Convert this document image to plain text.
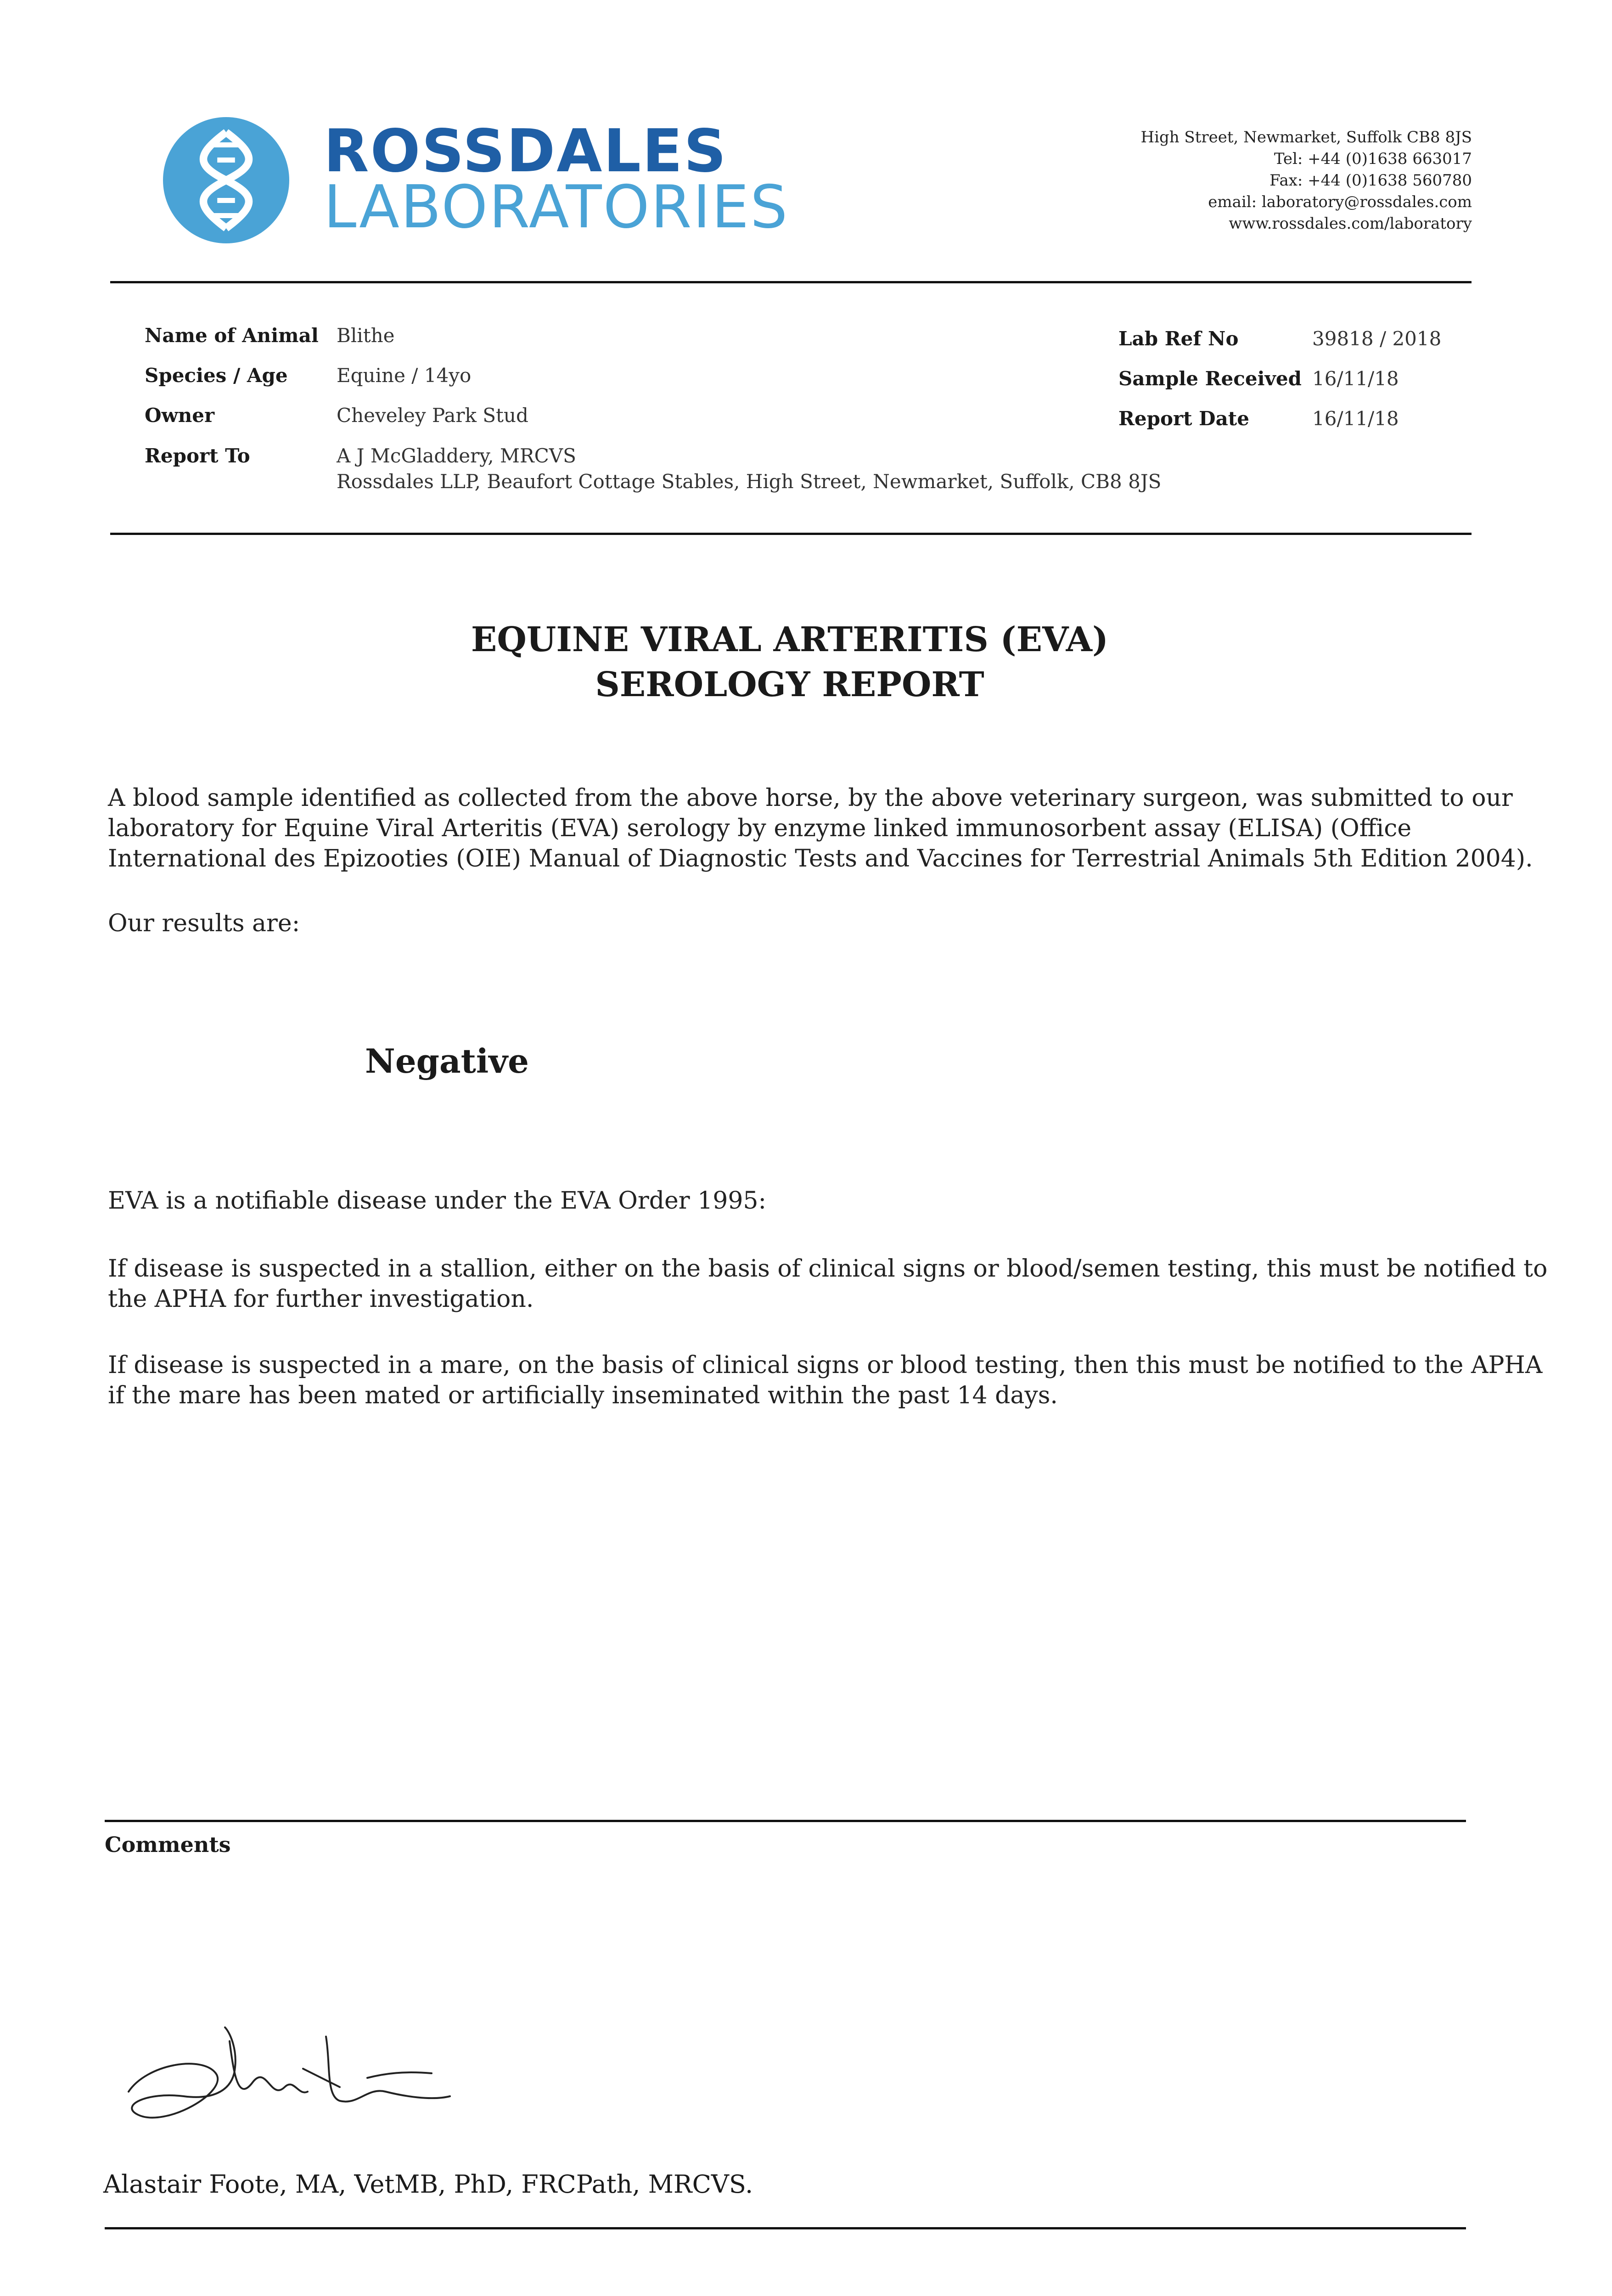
ROSSDALES
LABORATORIES
High Street, Newmarket, Suffolk CB8 8JS
Tel: +44 (0)1638 663017
Fax: +44 (0)1638 560780
email: laboratory@rossdales.com
www.rossdales.com/laboratory
Name of Animal Blithe
Species / Age	Equine / 14yo
Owner	Cheveley Park Stud
Report To	A J McGladdery, MRCVS
Rossdales LLP, Beaufort Cottage Stables, High Street, Newmarket, Suffolk, CB8 8JS
Lab Ref No	39818 / 2018
Sample Received 16/11/18
Report Date	16/11/18
EQUINE VIRAL ARTERITIS (EVA)
SEROLOGY REPORT
A blood sample identified as collected from the above horse, by the above veterinary surgeon, was submitted to our
laboratory for Equine Viral Arteritis (EVA) serology by enzyme linked immunosorbent assay (ELISA) (Office
International des Epizooties (OIE) Manual of Diagnostic Tests and Vaccines for Terrestrial Animals 5th Edition 2004).
Our results are:
Negative
EVA is a notifiable disease under the EVA Order 1995:
If disease is suspected in a stallion, either on the basis of clinical signs or blood/semen testing, this must be notified to
the APHA for further investigation.
If disease is suspected in a mare, on the basis of clinical signs or blood testing, then this must be notified to the APHA
if the mare has been mated or artificially inseminated within the past 14 days.
Comments
Alastair Foote, MA, VetMB, PhD, FRCPath, MRCVS.
